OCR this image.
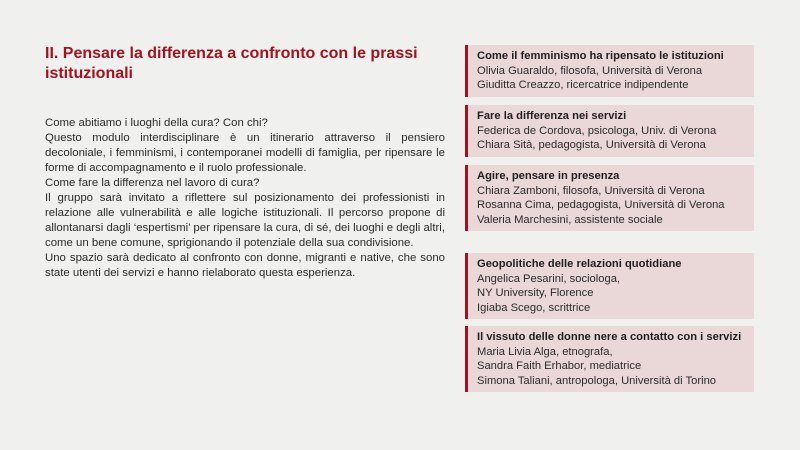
II. Pensare la differenza a confronto con le prassi istituzionali

Come abitiamo i luoghi della cura? Con chi?

Questo modulo interdisciplinare è un itinerario attraverso il pensiero decoloniale, i femminismi, i contemporanei modelli di famiglia, per ripensare le forme di accompagnamento e il ruolo professionale.

Come fare la differenza nel lavoro di cura?

Il gruppo sarà invitato a riflettere sul posizionamento dei professionisti in relazione alle vulnerabilità e alle logiche istituzionali. Il percorso propone di allontanarsi dagli ‘espertismi’ per ripensare la cura, di sé, dei luoghi e degli altri, come un bene comune, sprigionando il potenziale della sua condivisione.

Uno spazio sarà dedicato al confronto con donne, migranti e native, che sono state utenti dei servizi e hanno rielaborato questa esperienza.

Come il femminismo ha ripensato le istituzioni
Olivia Guaraldo, filosofa, Università di Verona
Giuditta Creazzo, ricercatrice indipendente
Fare la differenza nei servizi
Federica de Cordova, psicologa, Univ. di Verona
Chiara Sità, pedagogista, Università di Verona
Agire, pensare in presenza
Chiara Zamboni, filosofa, Università di Verona
Rosanna Cima, pedagogista, Università di Verona
Valeria Marchesini, assistente sociale
Geopolitiche delle relazioni quotidiane
Angelica Pesarini, sociologa,
NY University, Florence
Igiaba Scego, scrittrice
Il vissuto delle donne nere a contatto con i servizi
Maria Livia Alga, etnografa,
Sandra Faith Erhabor, mediatrice
Simona Taliani, antropologa, Università di Torino
